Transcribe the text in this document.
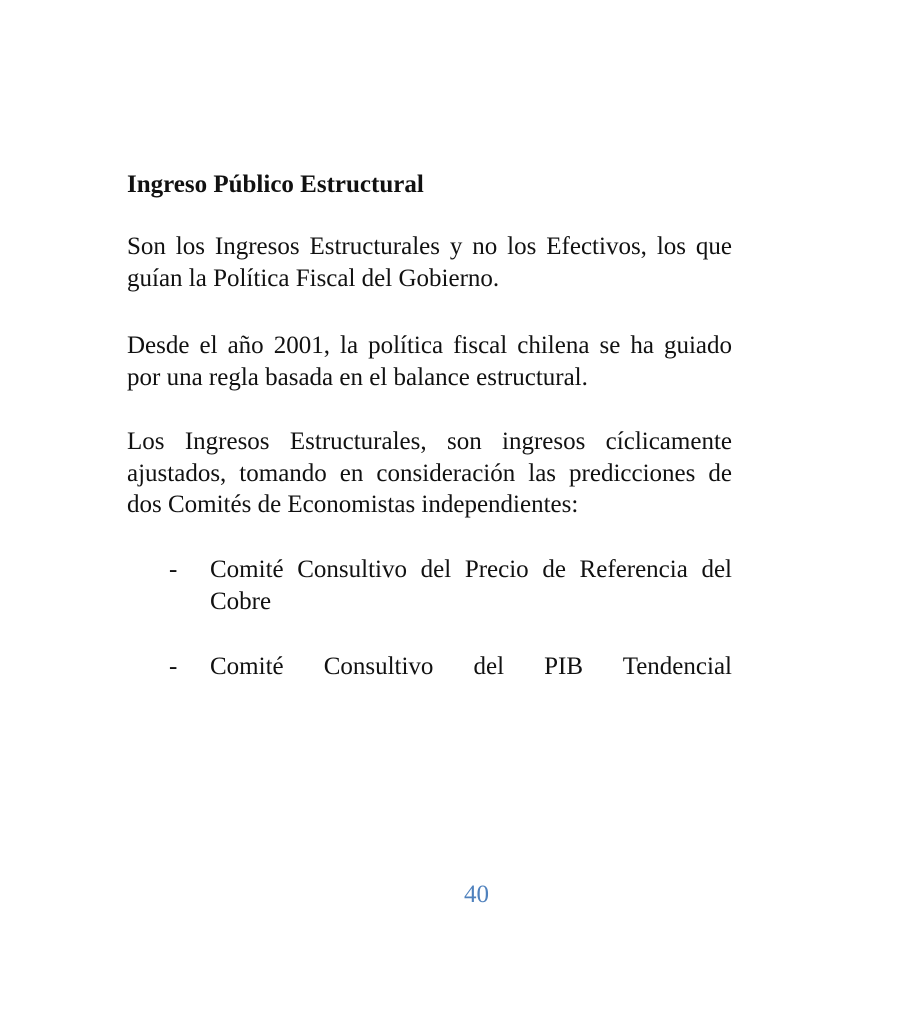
Ingreso Público Estructural
Son los Ingresos Estructurales y no los Efectivos, los que guían la Política Fiscal del Gobierno.
Desde el año 2001, la política fiscal chilena se ha guiado por una regla basada en el balance estructural.
Los Ingresos Estructurales, son ingresos cíclicamente ajustados, tomando en consideración las predicciones de dos Comités de Economistas independientes:
- Comité Consultivo del Precio de Referencia del Cobre
- Comité Consultivo del PIB Tendencial
40
